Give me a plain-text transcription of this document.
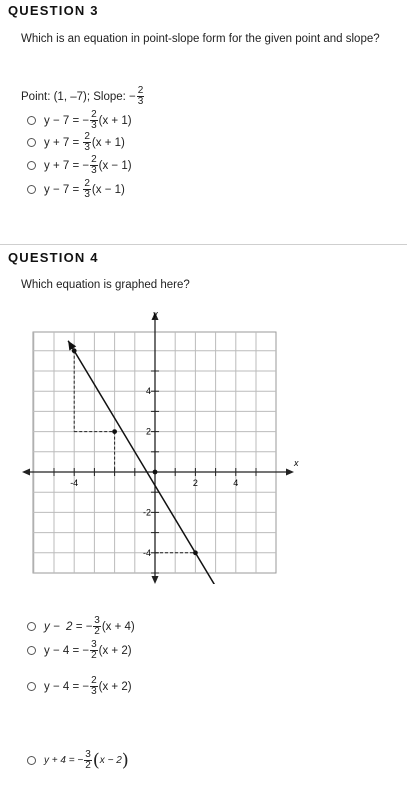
QUESTION 3
Which is an equation in point-slope form for the given point and slope?
Point: (1, –7); Slope: − $\frac{2}{3}$
y − 7 = − $\frac{2}{3} (x + 1)$
$y + 7 = \frac{2}{3} (x + 1)$
y + 7 = − $\frac{2}{3} (x - 1)$
$y - 7 = \frac{2}{3} (x - 1)$
QUESTION 4
Which equation is graphed here?
x
y
-4	2	4
4
2
-2
-4
y −  2 = − $\frac{3}{2} (x + 4)$
y − 4 = − $\frac{3}{2} (x + 2)$
y − 4 = − $\frac{2}{3} (x + 2)$
y + 4 = − $\frac{3}{2}$ ( x − 2 )
